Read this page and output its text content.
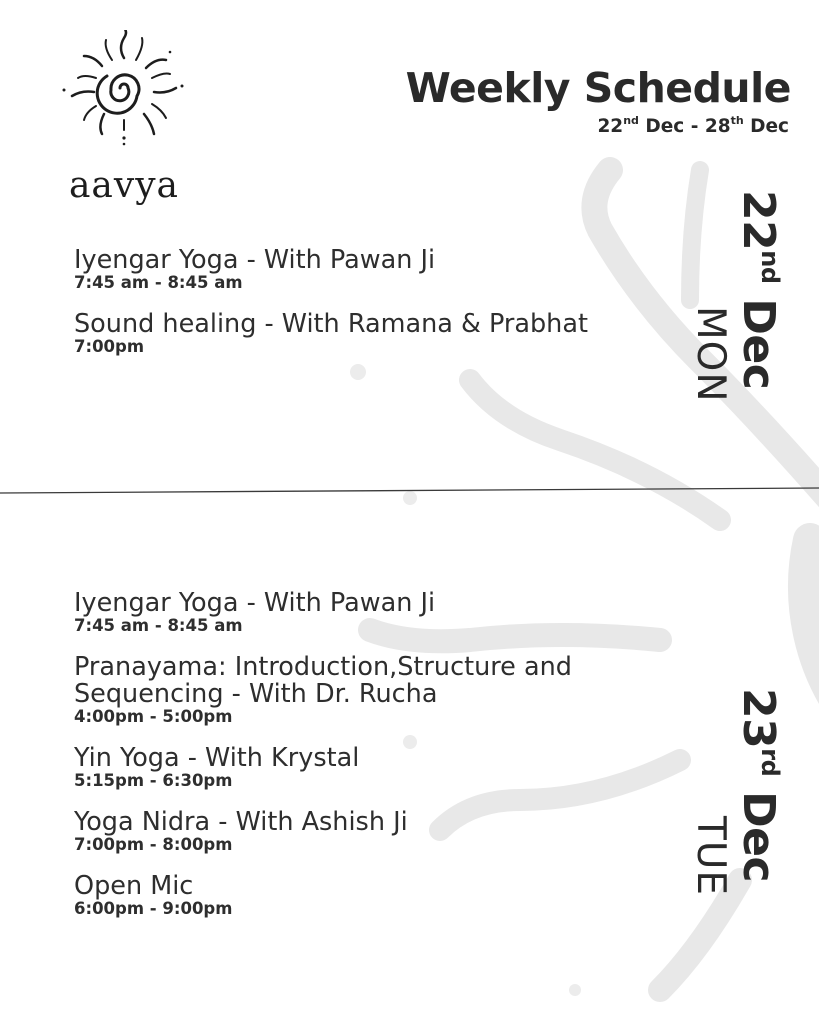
aavya
Weekly Schedule
22nd Dec - 28th Dec
Iyengar Yoga - With Pawan Ji
7:45 am - 8:45 am
Sound healing - With Ramana & Prabhat
7:00pm
22nd Dec
MON
Iyengar Yoga - With Pawan Ji
7:45 am - 8:45 am
Pranayama: Introduction,Structure and
Sequencing - With Dr. Rucha
4:00pm - 5:00pm
Yin Yoga - With Krystal
5:15pm - 6:30pm
Yoga Nidra - With Ashish Ji
7:00pm - 8:00pm
Open Mic
6:00pm - 9:00pm
23rd Dec
TUE
